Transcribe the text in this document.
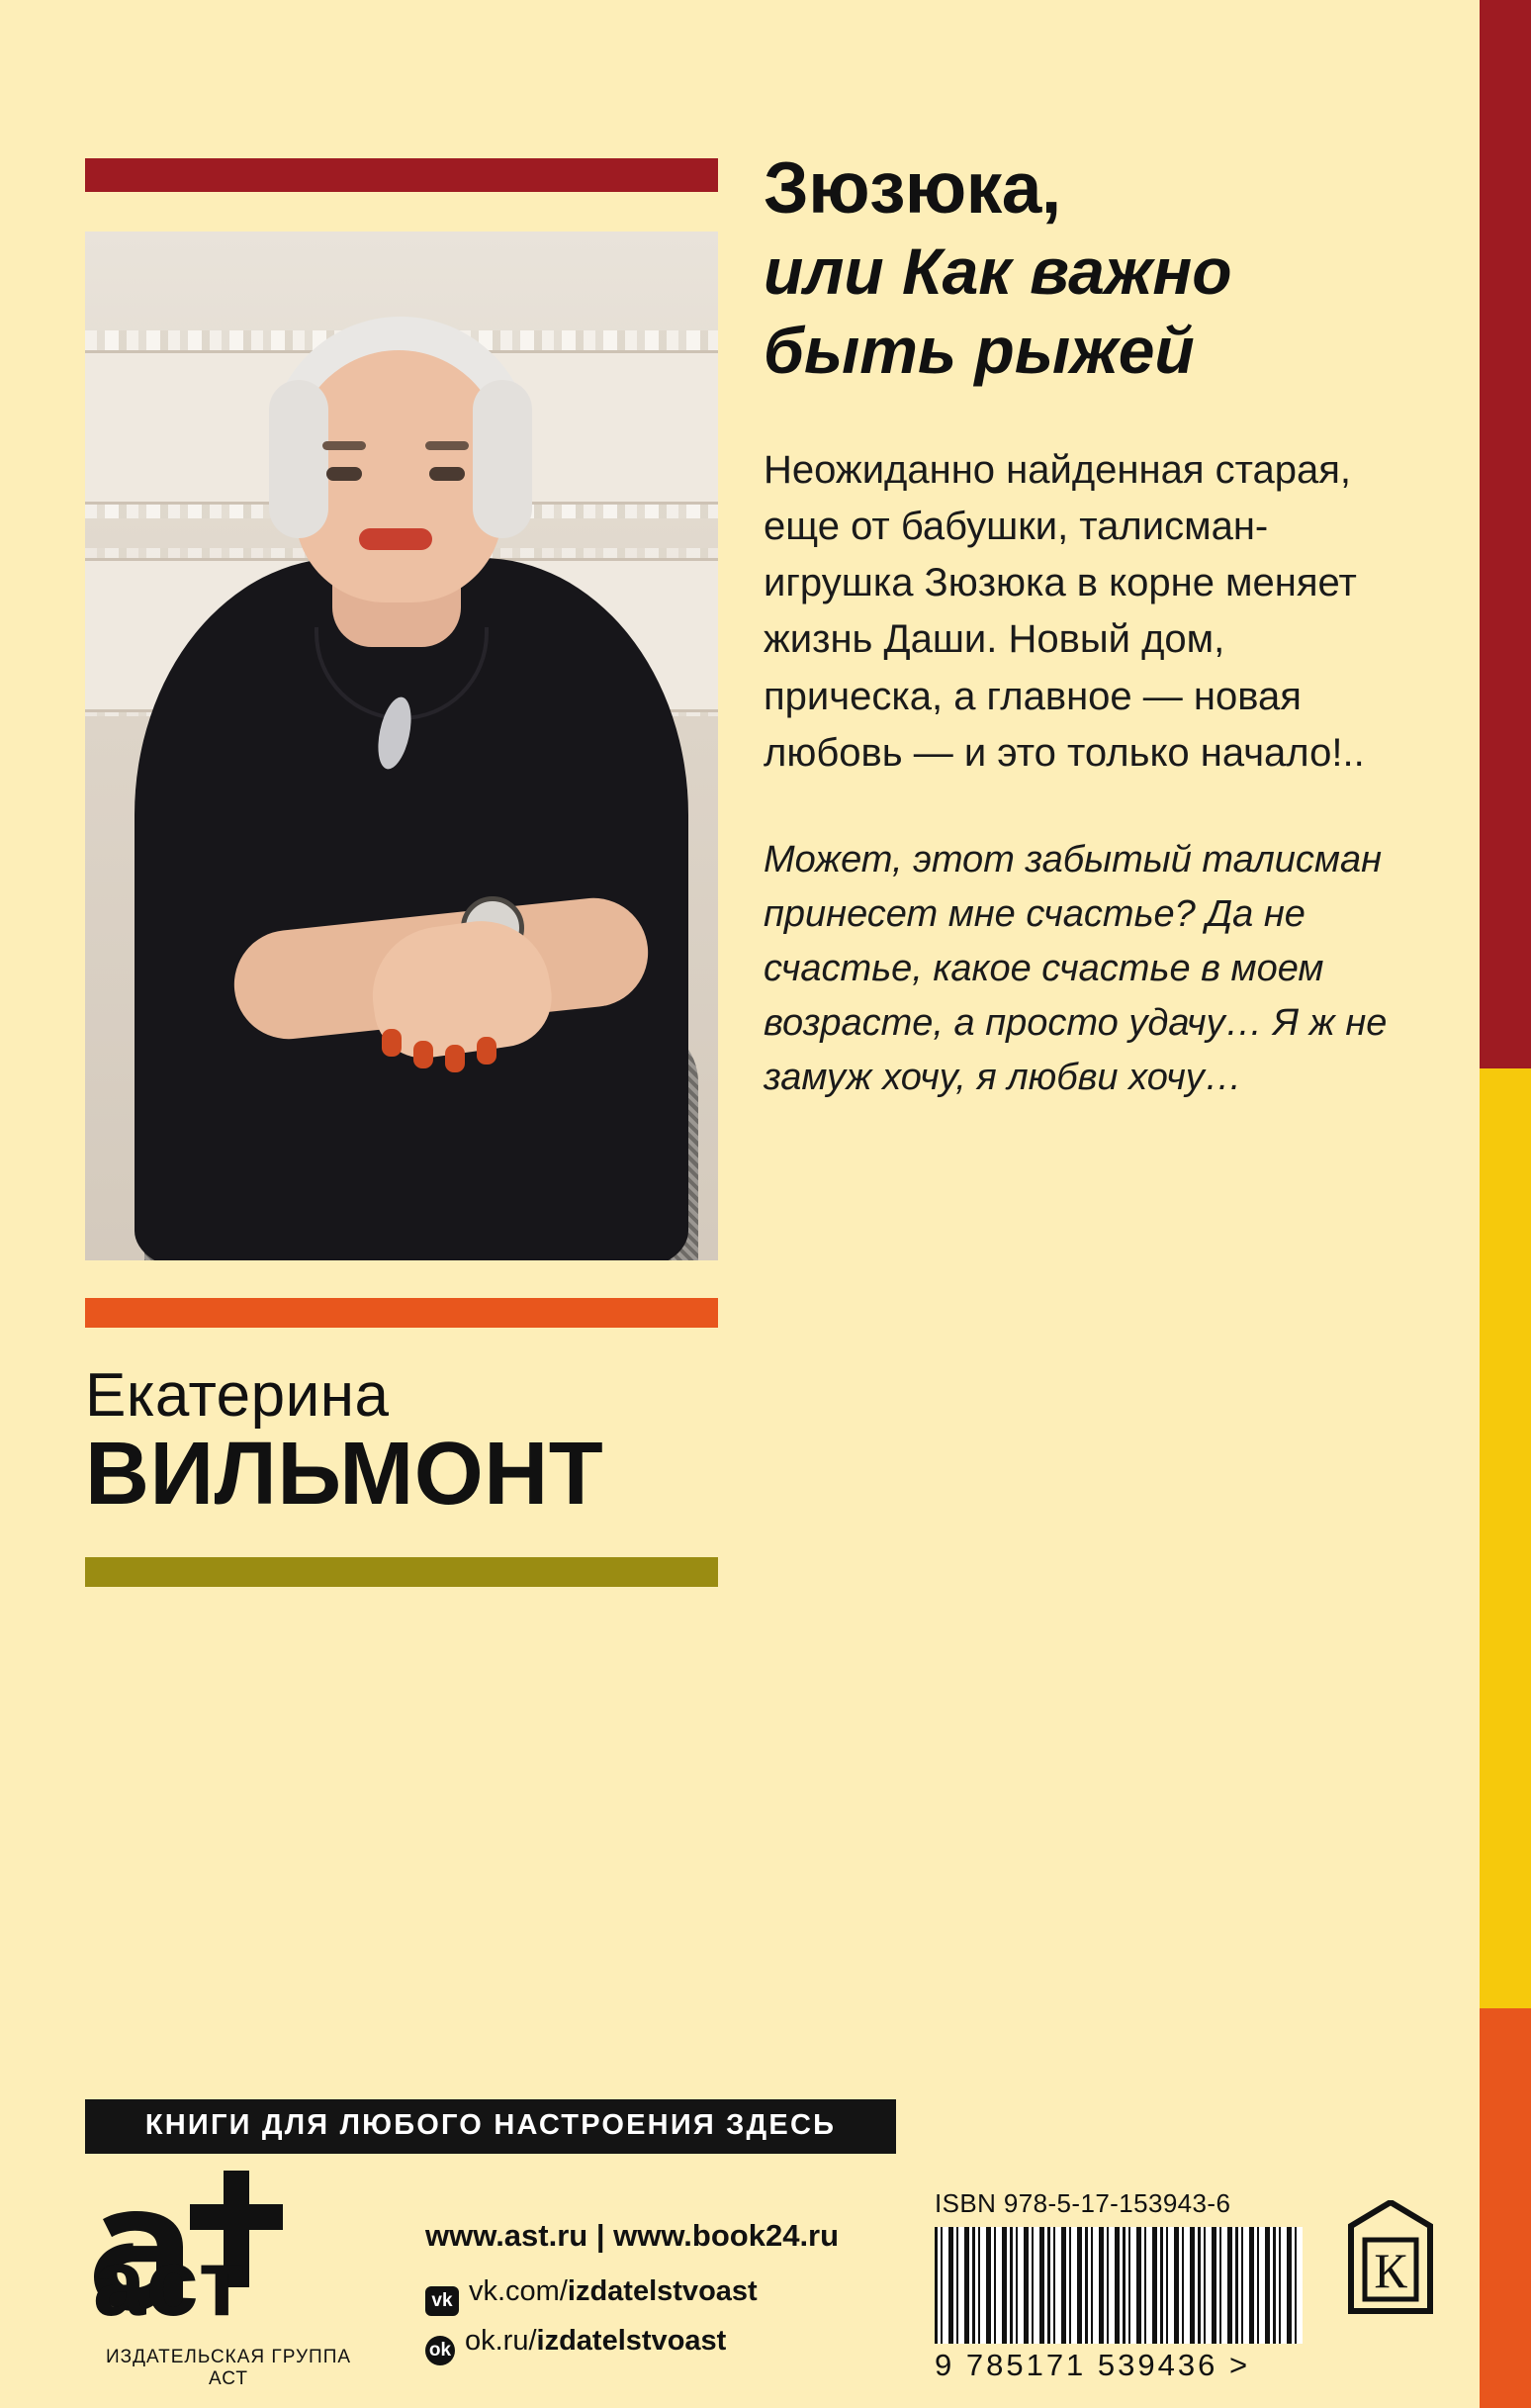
Екатерина
ВИЛЬМОНТ
Зюзюка,
или Как важно
быть рыжей
Неожиданно найденная старая, еще от бабушки, талисман-игрушка Зюзюка в корне меняет жизнь Даши. Новый дом, прическа, а главное — новая любовь — и это только начало!..
Может, этот забытый талисман принесет мне счастье? Да не счастье, какое счастье в моем возрасте, а просто удачу… Я ж не замуж хочу, я любви хочу…
КНИГИ ДЛЯ ЛЮБОГО НАСТРОЕНИЯ ЗДЕСЬ
аст
ИЗДАТЕЛЬСКАЯ ГРУППА АСТ
www.ast.ru | www.book24.ru
vk vk.com/izdatelstvoast
ok ok.ru/izdatelstvoast
ISBN 978-5-17-153943-6
9 785171 539436 >
К
